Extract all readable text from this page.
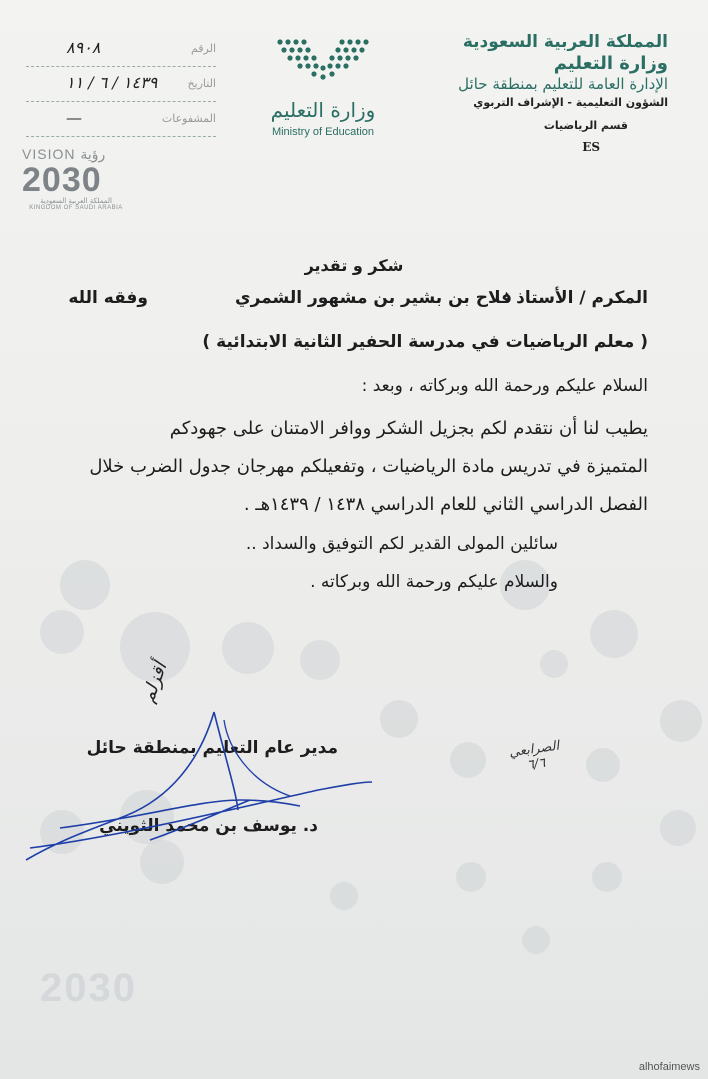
المملكة العربية السعودية
وزارة التعليم
الإدارة العامة للتعليم بمنطقة حائل
الشؤون التعليمية - الإشراف التربوي
قسم الرياضيات
ES
وزارة التعليم
Ministry of Education
الرقم
٨٩٠٨
التاريخ
١٤٣٩ / ٦ / ١١
المشفوعات
—
VISION رؤية
2030
المملكة العربية السعودية
KINGDOM OF SAUDI ARABIA
شكر و تقدير
المكرم / الأستاذ :
فلاح بن بشير بن مشهور الشمري
وفقه الله
( معلم الرياضيات في مدرسة الحفير الثانية الابتدائية )
السلام عليكم ورحمة الله وبركاته ، وبعد :
يطيب لنا أن نتقدم لكم بجزيل الشكر ووافر الامتنان على جهودكم
المتميزة في تدريس مادة الرياضيات ، وتفعيلكم مهرجان جدول الضرب خلال
الفصل الدراسي الثاني للعام الدراسي ١٤٣٨ / ١٤٣٩هـ .
سائلين المولى القدير لكم التوفيق والسداد ..
والسلام عليكم ورحمة الله وبركاته .
أقزلم
الصرابعي
٦/٦
مدير عام التعليم بمنطقة حائل
د. يوسف بن محمد الثويني
2030
alhofaimews
